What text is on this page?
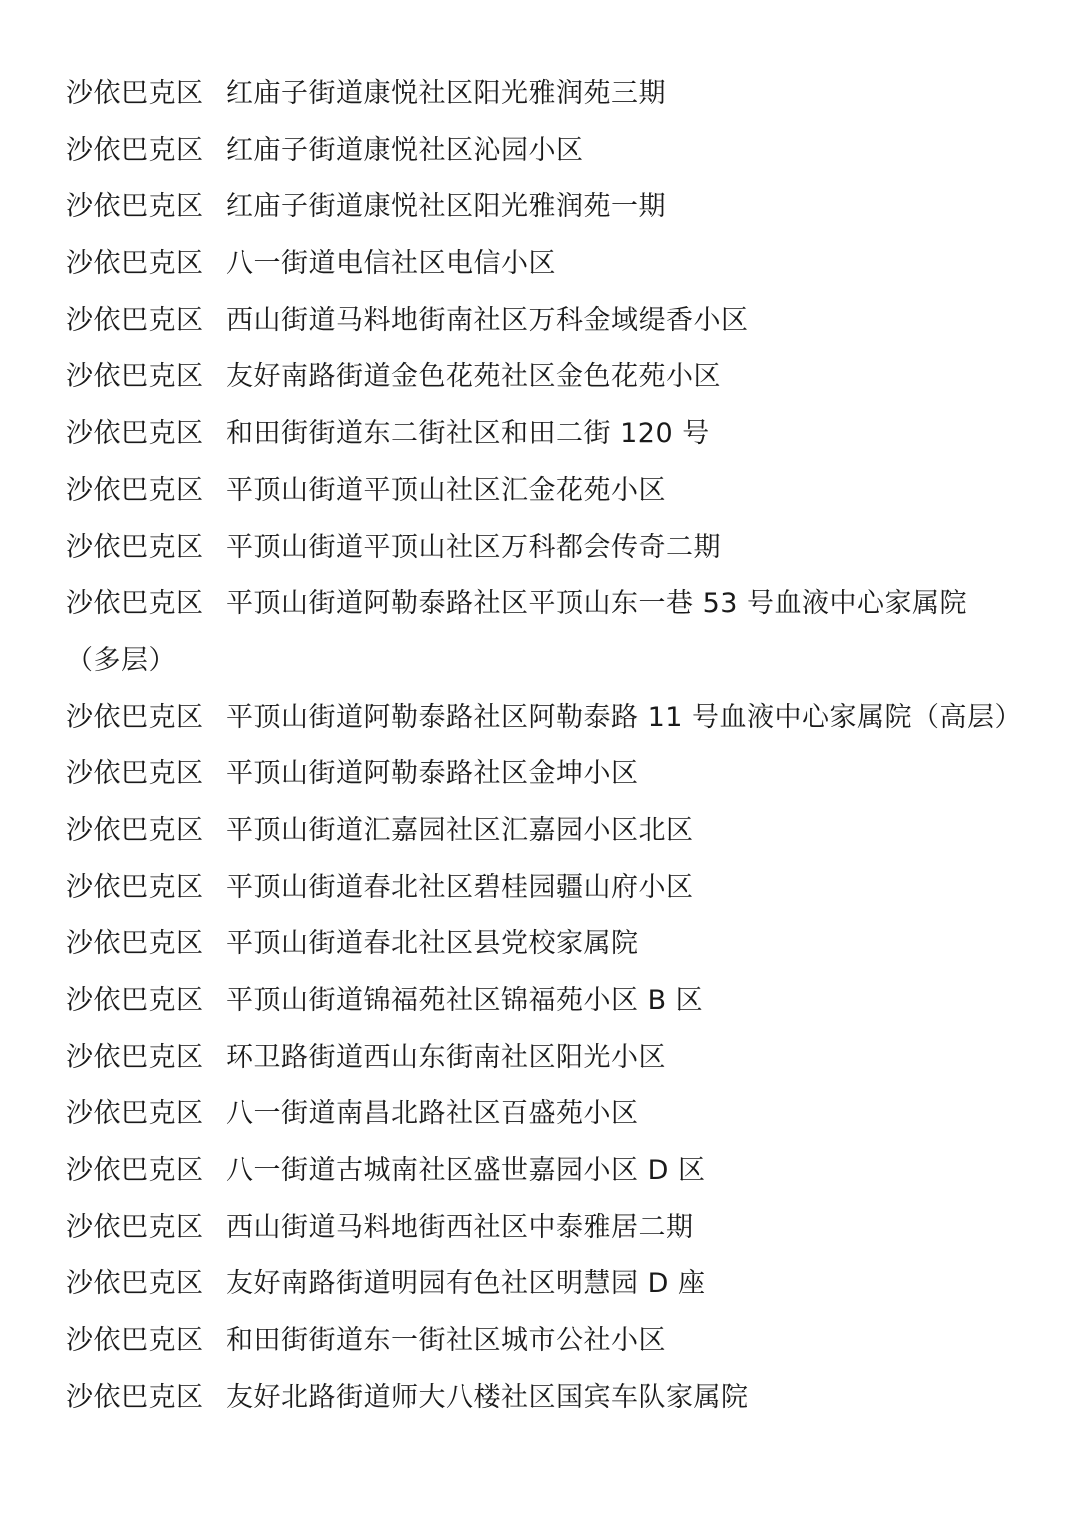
沙依巴克区 红庙子街道康悦社区阳光雅润苑三期
沙依巴克区 红庙子街道康悦社区沁园小区
沙依巴克区 红庙子街道康悦社区阳光雅润苑一期
沙依巴克区 八一街道电信社区电信小区
沙依巴克区 西山街道马料地街南社区万科金域缇香小区
沙依巴克区 友好南路街道金色花苑社区金色花苑小区
沙依巴克区 和田街街道东二街社区和田二街 120 号
沙依巴克区 平顶山街道平顶山社区汇金花苑小区
沙依巴克区 平顶山街道平顶山社区万科都会传奇二期
沙依巴克区 平顶山街道阿勒泰路社区平顶山东一巷 53 号血液中心家属院
（多层）
沙依巴克区 平顶山街道阿勒泰路社区阿勒泰路 11 号血液中心家属院（高层）
沙依巴克区 平顶山街道阿勒泰路社区金坤小区
沙依巴克区 平顶山街道汇嘉园社区汇嘉园小区北区
沙依巴克区 平顶山街道春北社区碧桂园疆山府小区
沙依巴克区 平顶山街道春北社区县党校家属院
沙依巴克区 平顶山街道锦福苑社区锦福苑小区 B 区
沙依巴克区 环卫路街道西山东街南社区阳光小区
沙依巴克区 八一街道南昌北路社区百盛苑小区
沙依巴克区 八一街道古城南社区盛世嘉园小区 D 区
沙依巴克区 西山街道马料地街西社区中泰雅居二期
沙依巴克区 友好南路街道明园有色社区明慧园 D 座
沙依巴克区 和田街街道东一街社区城市公社小区
沙依巴克区 友好北路街道师大八楼社区国宾车队家属院
